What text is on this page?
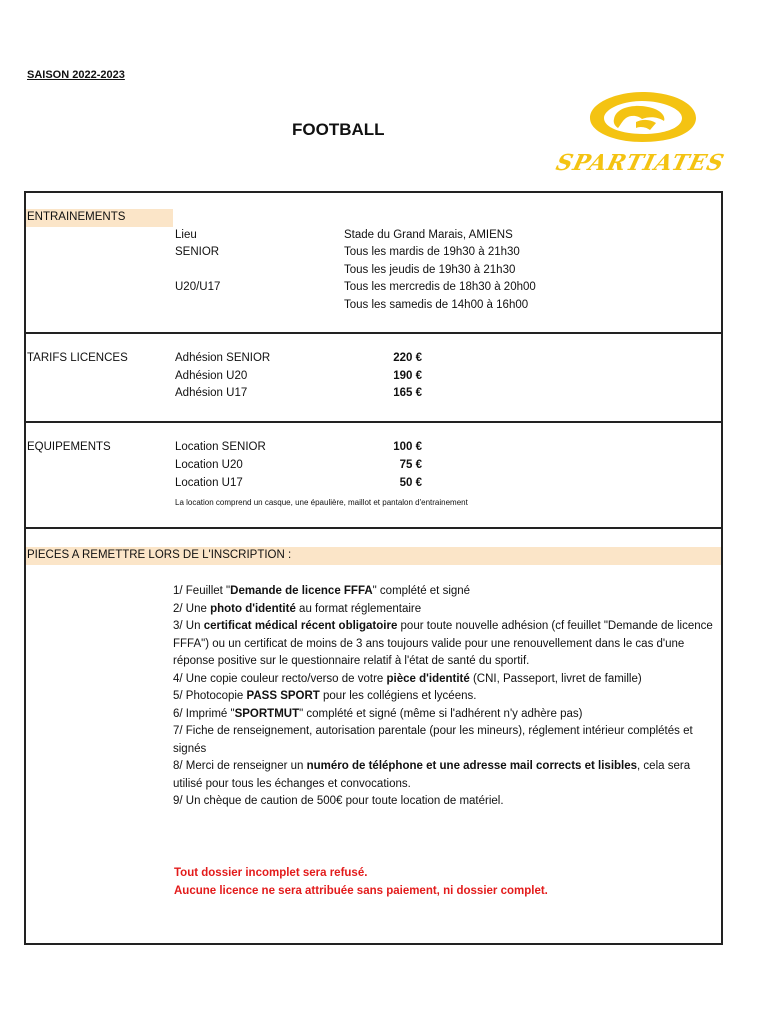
SAISON 2022-2023
FOOTBALL
SPARTIATES
ENTRAINEMENTS
Lieu	Stade du Grand Marais, AMIENS
SENIOR	Tous les mardis de 19h30 à 21h30
Tous les jeudis de 19h30 à 21h30
U20/U17	Tous les mercredis de 18h30 à 20h00
Tous les samedis de 14h00 à 16h00
TARIFS LICENCES	Adhésion SENIOR	220 €
Adhésion U20	190 €
Adhésion U17	165 €
EQUIPEMENTS	Location SENIOR	100 €
Location U20	75 €
Location U17	50 €
La location comprend un casque, une épaulière, maillot et pantalon d'entrainement
PIECES A REMETTRE LORS DE L'INSCRIPTION :

1/ Feuillet "Demande de licence FFFA" complété et signé

2/ Une photo d'identité au format réglementaire

3/ Un certificat médical récent obligatoire pour toute nouvelle adhésion (cf feuillet "Demande de licence FFFA") ou un certificat de moins de 3 ans toujours valide pour une renouvellement dans le cas d'une réponse positive sur le questionnaire relatif à l'état de santé du sportif.

4/ Une copie couleur recto/verso de votre pièce d'identité (CNI, Passeport, livret de famille)

5/ Photocopie PASS SPORT pour les collégiens et lycéens.

6/ Imprimé "SPORTMUT" complété et signé (même si l'adhérent n'y adhère pas)

7/ Fiche de renseignement, autorisation parentale (pour les mineurs), réglement intérieur complétés et signés

8/ Merci de renseigner un numéro de téléphone et une adresse mail corrects et lisibles, cela sera utilisé pour tous les échanges et convocations.

9/ Un chèque de caution de 500€ pour toute location de matériel.

Tout dossier incomplet sera refusé.

Aucune licence ne sera attribuée sans paiement, ni dossier complet.
